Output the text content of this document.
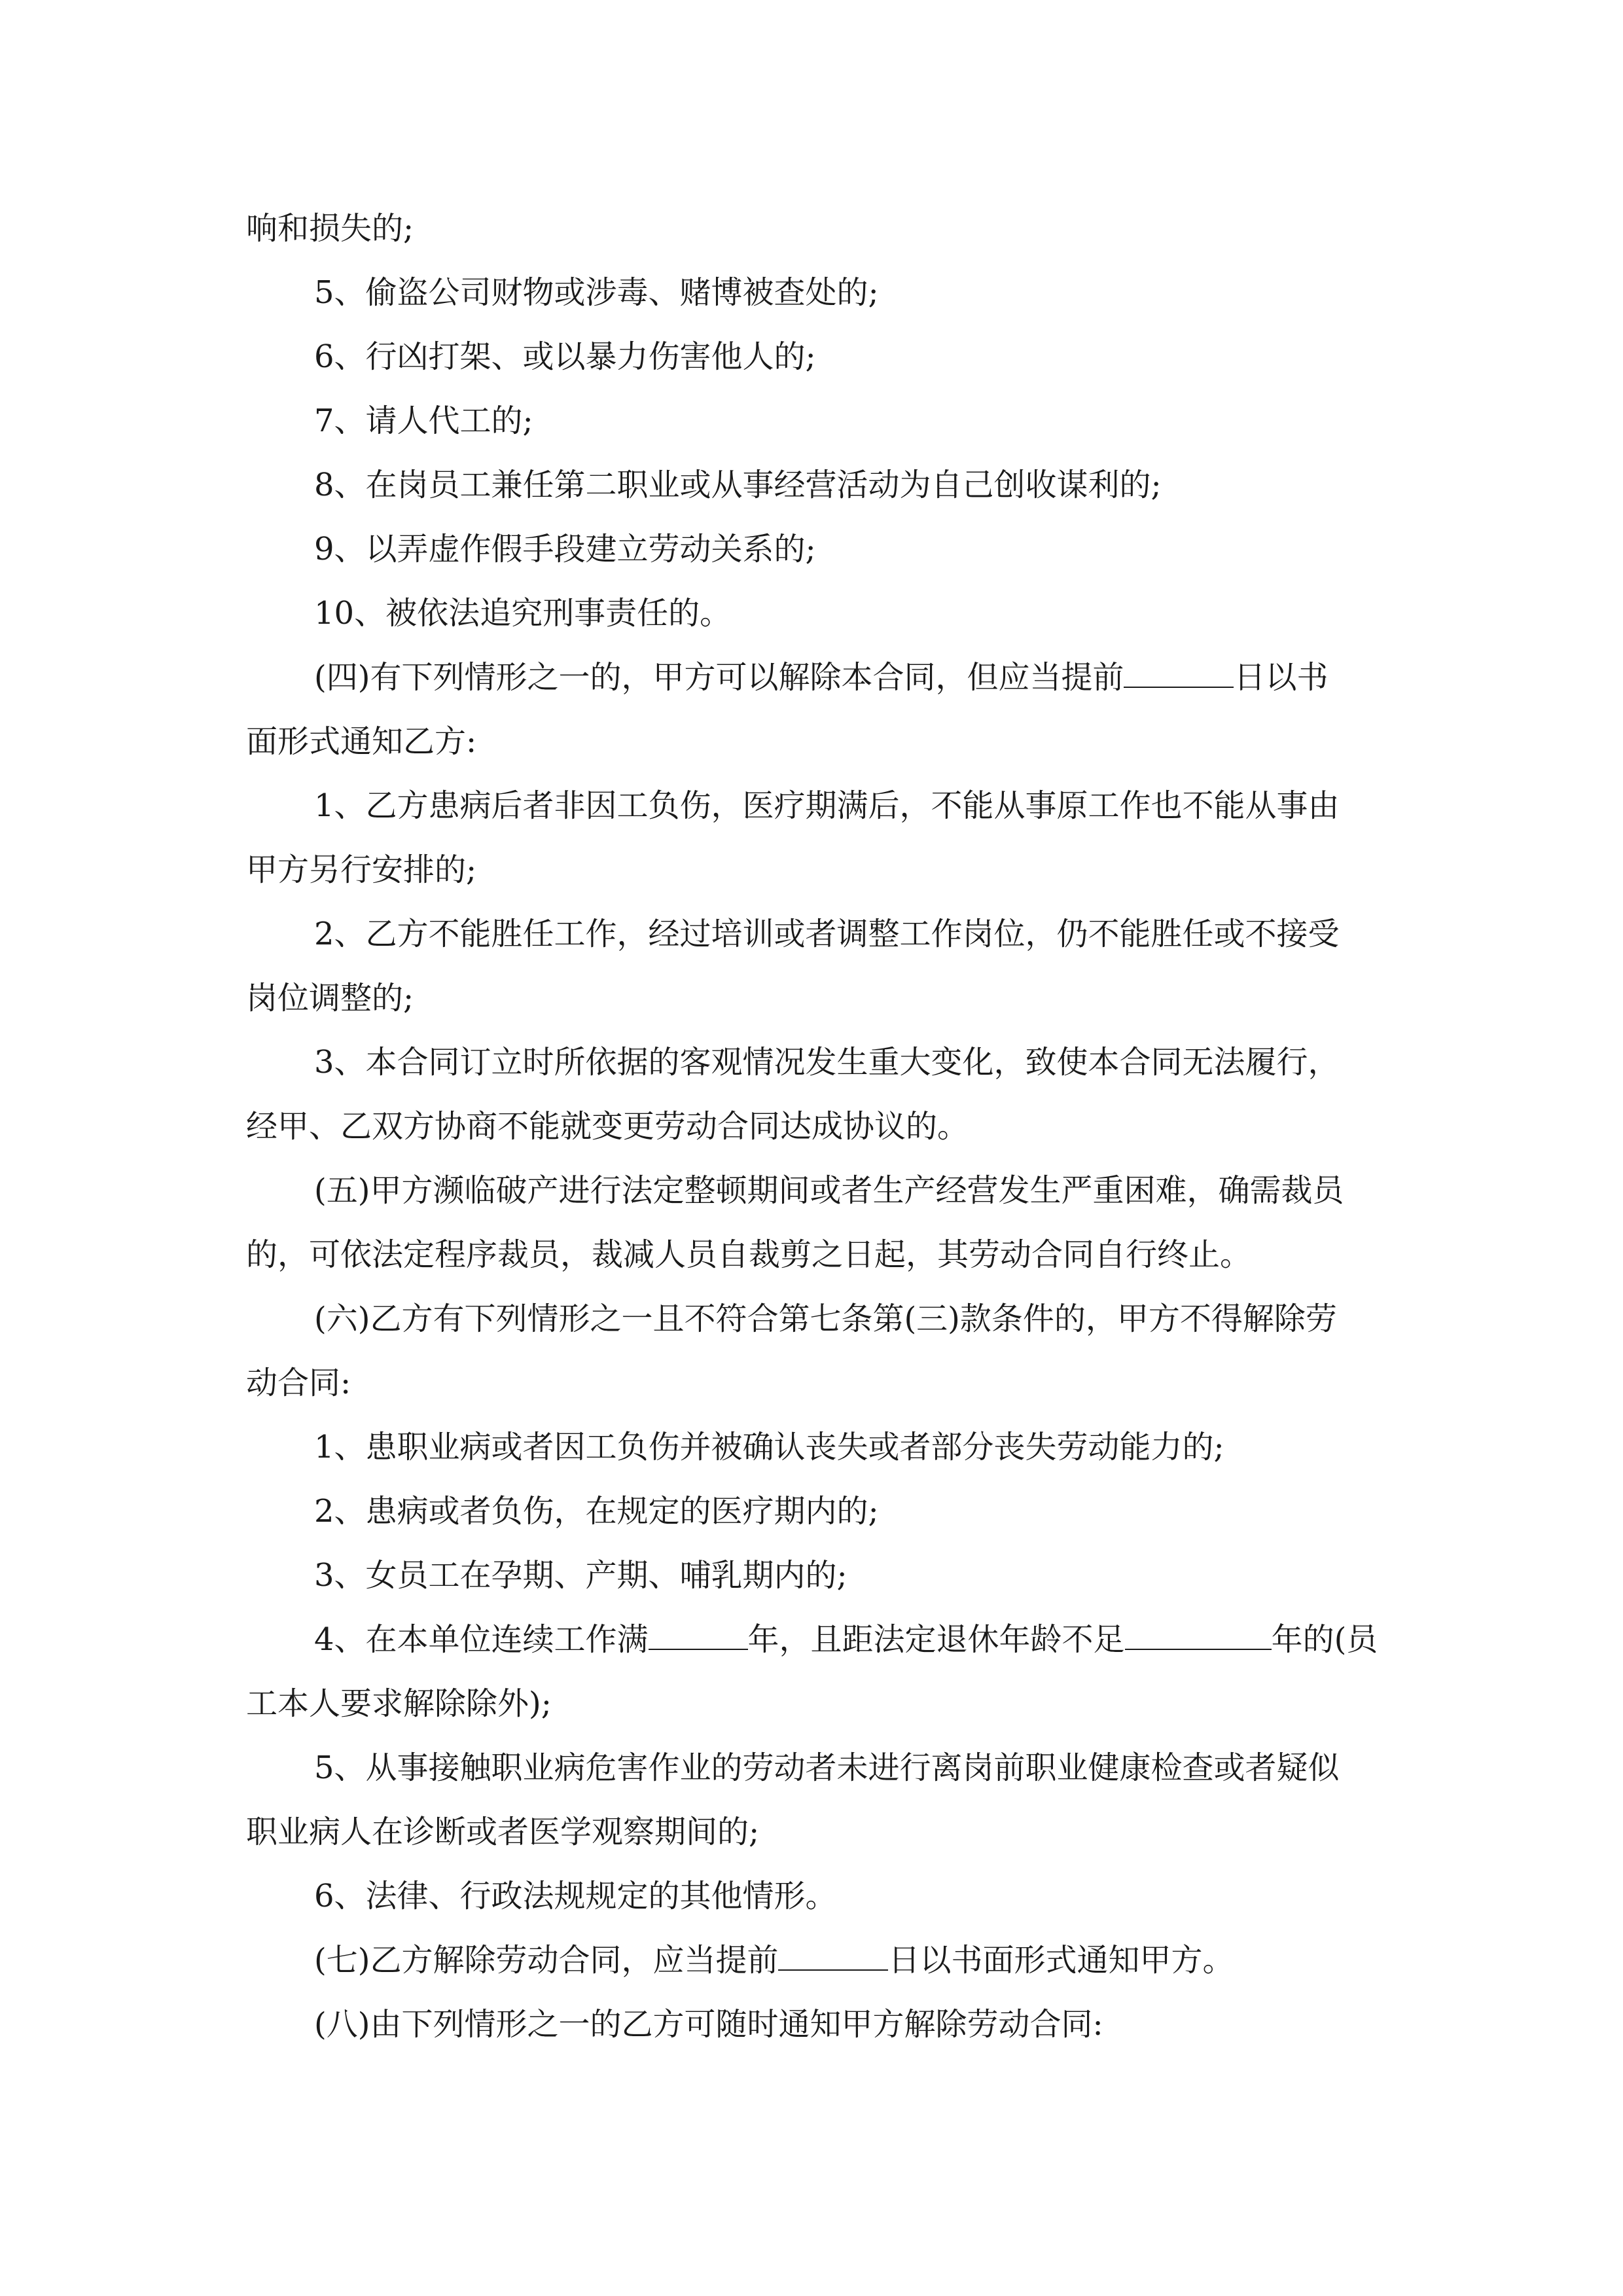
响和损失的;
5、偷盗公司财物或涉毒、赌博被查处的;
6、行凶打架、或以暴力伤害他人的;
7、请人代工的;
8、在岗员工兼任第二职业或从事经营活动为自己创收谋利的;
9、以弄虚作假手段建立劳动关系的;
10、被依法追究刑事责任的。
(四)有下列情形之一的，甲方可以解除本合同，但应当提前	日以书
面形式通知乙方:
1、乙方患病后者非因工负伤，医疗期满后，不能从事原工作也不能从事由
甲方另行安排的;
2、乙方不能胜任工作，经过培训或者调整工作岗位，仍不能胜任或不接受
岗位调整的;
3、本合同订立时所依据的客观情况发生重大变化，致使本合同无法履行，
经甲、乙双方协商不能就变更劳动合同达成协议的。
(五)甲方濒临破产进行法定整顿期间或者生产经营发生严重困难，确需裁员
的，可依法定程序裁员，裁减人员自裁剪之日起，其劳动合同自行终止。
(六)乙方有下列情形之一且不符合第七条第(三)款条件的，甲方不得解除劳
动合同:
1、患职业病或者因工负伤并被确认丧失或者部分丧失劳动能力的;
2、患病或者负伤，在规定的医疗期内的;
3、女员工在孕期、产期、哺乳期内的;
4、在本单位连续工作满	年，且距法定退休年龄不足	年的(员
工本人要求解除除外);
5、从事接触职业病危害作业的劳动者未进行离岗前职业健康检查或者疑似
职业病人在诊断或者医学观察期间的;
6、法律、行政法规规定的其他情形。
(七)乙方解除劳动合同，应当提前	日以书面形式通知甲方。
(八)由下列情形之一的乙方可随时通知甲方解除劳动合同:
